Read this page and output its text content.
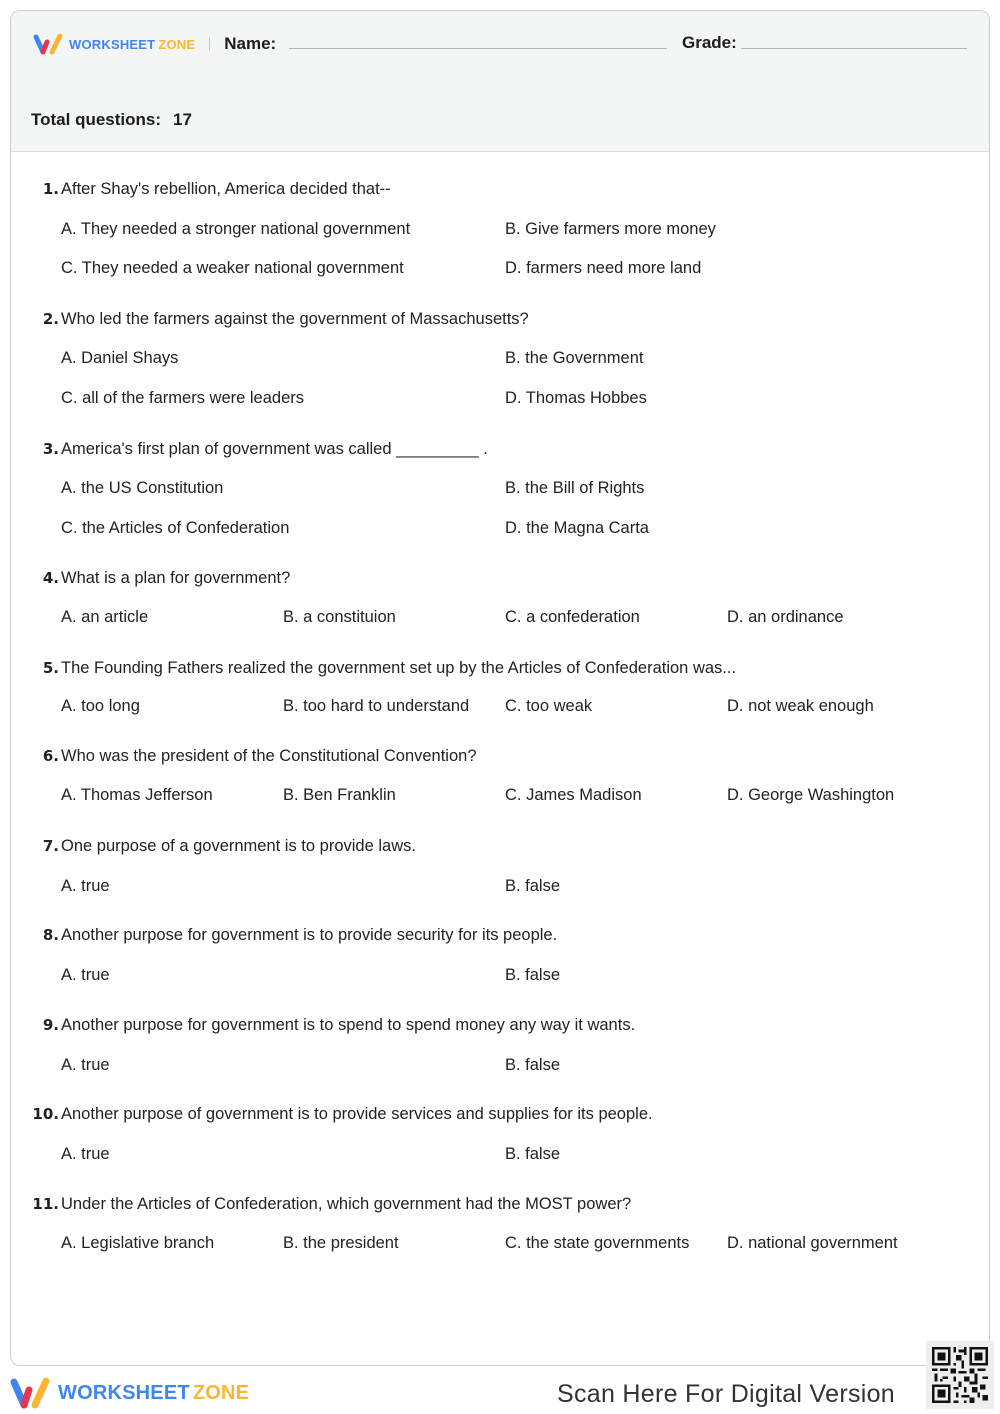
WORKSHEET ZONE Name:	Grade:
Total questions: 17
1. After Shay's rebellion, America decided that--
A. They needed a stronger national government	B. Give farmers more money
C. They needed a weaker national government	D. farmers need more land
2. Who led the farmers against the government of Massachusetts?
A. Daniel Shays	B. the Government
C. all of the farmers were leaders	D. Thomas Hobbes
3. America's first plan of government was called _________ .
A. the US Constitution	B. the Bill of Rights
C. the Articles of Confederation	D. the Magna Carta
4. What is a plan for government?
A. an article	B. a constituion	C. a confederation	D. an ordinance
5. The Founding Fathers realized the government set up by the Articles of Confederation was...
A. too long	B. too hard to understand C. too weak	D. not weak enough
6. Who was the president of the Constitutional Convention?
A. Thomas Jefferson	B. Ben Franklin	C. James Madison	D. George Washington
7. One purpose of a government is to provide laws.
A. true	B. false
8. Another purpose for government is to provide security for its people.
A. true	B. false
9. Another purpose for government is to spend to spend money any way it wants.
A. true	B. false
10. Another purpose of government is to provide services and supplies for its people.
A. true	B. false
11. Under the Articles of Confederation, which government had the MOST power?
A. Legislative branch	B. the president	C. the state governments D. national government
WORKSHEET ZONE	Scan Here For Digital Version
